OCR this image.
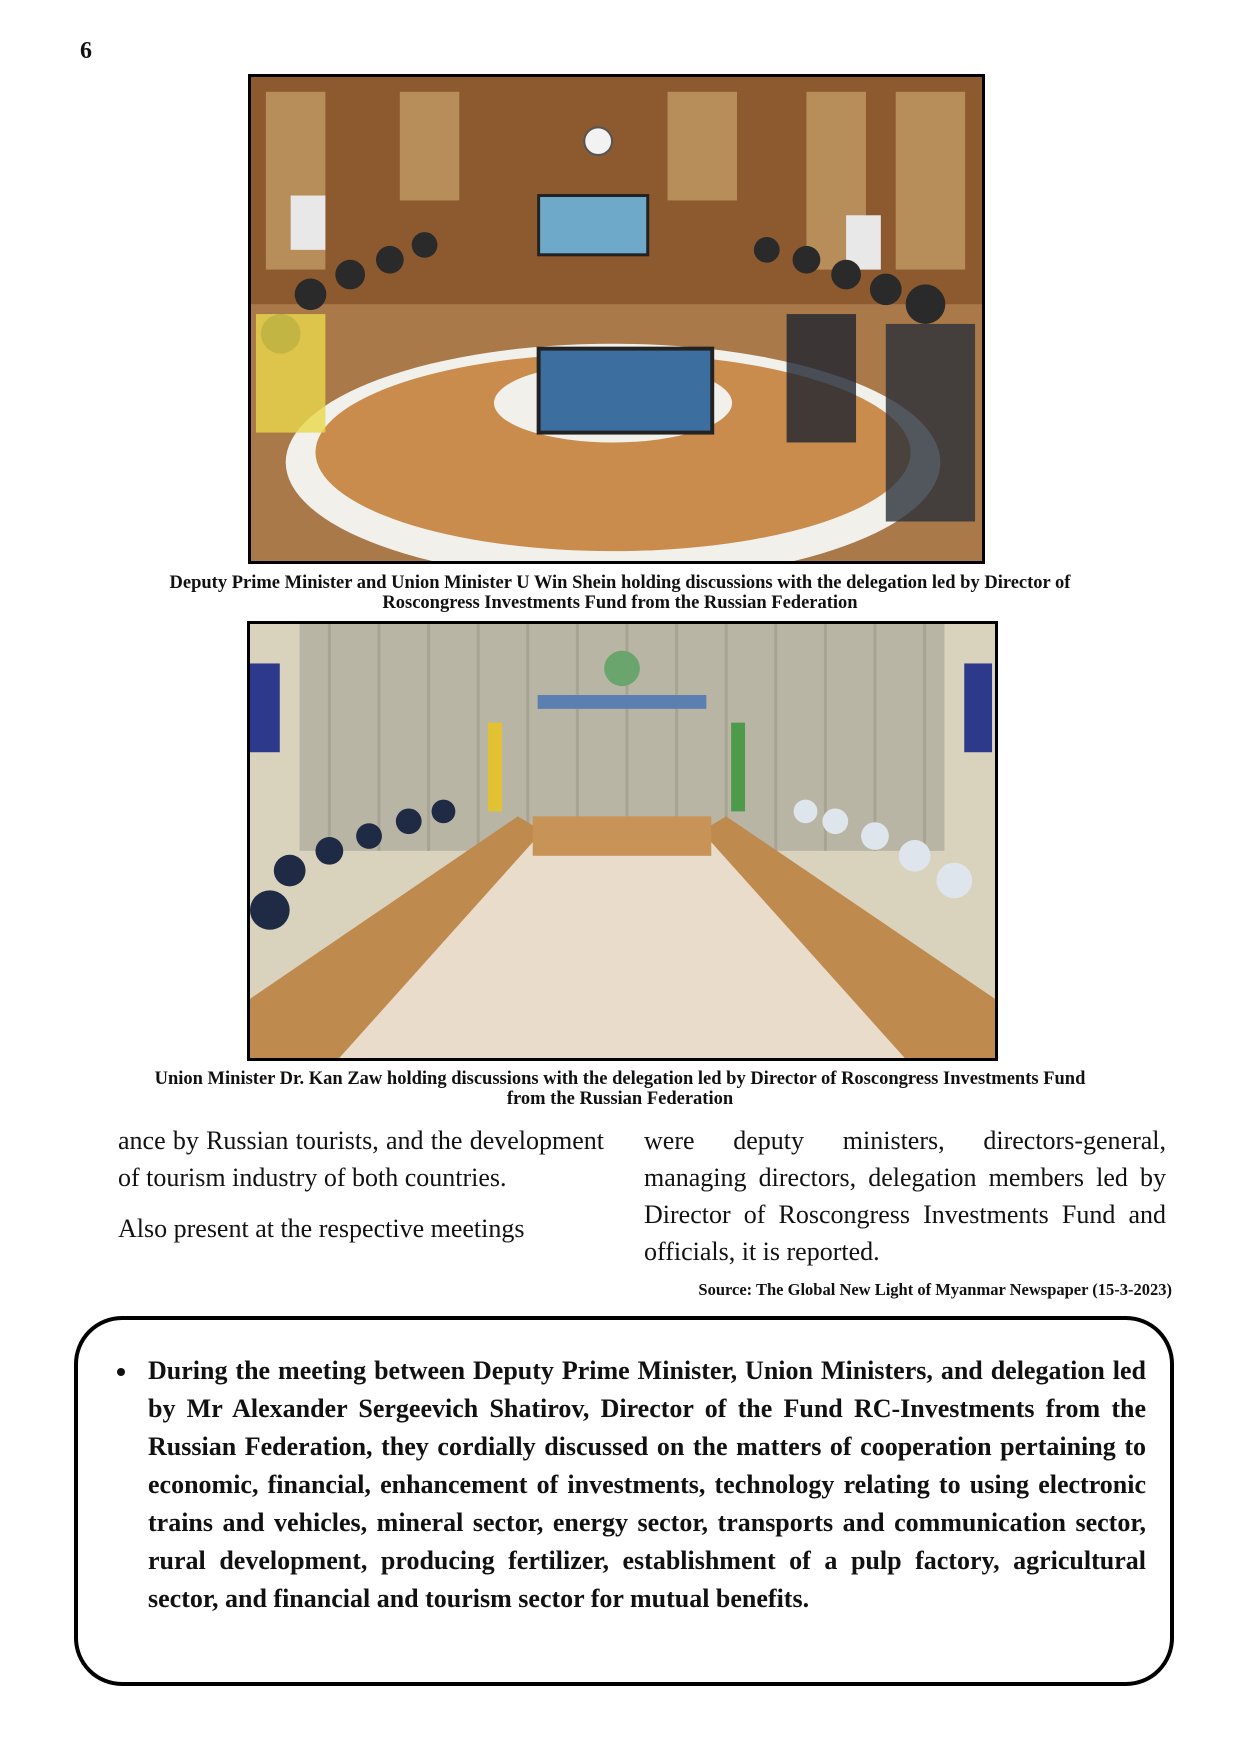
6
Deputy Prime Minister and Union Minister U Win Shein holding discussions with the delegation led by Director of Roscongress Investments Fund from the Russian Federation
Union Minister Dr. Kan Zaw holding discussions with the delegation led by Director of Roscongress Investments Fund from the Russian Federation

ance by Russian tourists, and the development of tourism industry of both countries.

Also present at the respective meetings

were deputy ministers, directors-general, managing directors, delegation members led by Director of Roscongress Investments Fund and officials, it is reported.

Source: The Global New Light of Myanmar Newspaper (15-3-2023)
• During the meeting between Deputy Prime Minister, Union Ministers, and delegation led by Mr Alexander Sergeevich Shatirov, Director of the Fund RC-Investments from the Russian Federation, they cordially discussed on the matters of cooperation pertaining to economic, financial, enhancement of investments, technology relating to using electronic trains and vehicles, mineral sector, energy sector, transports and communication sector, rural development, producing fertilizer, establishment of a pulp factory, agricultural sector, and financial and tourism sector for mutual benefits.
